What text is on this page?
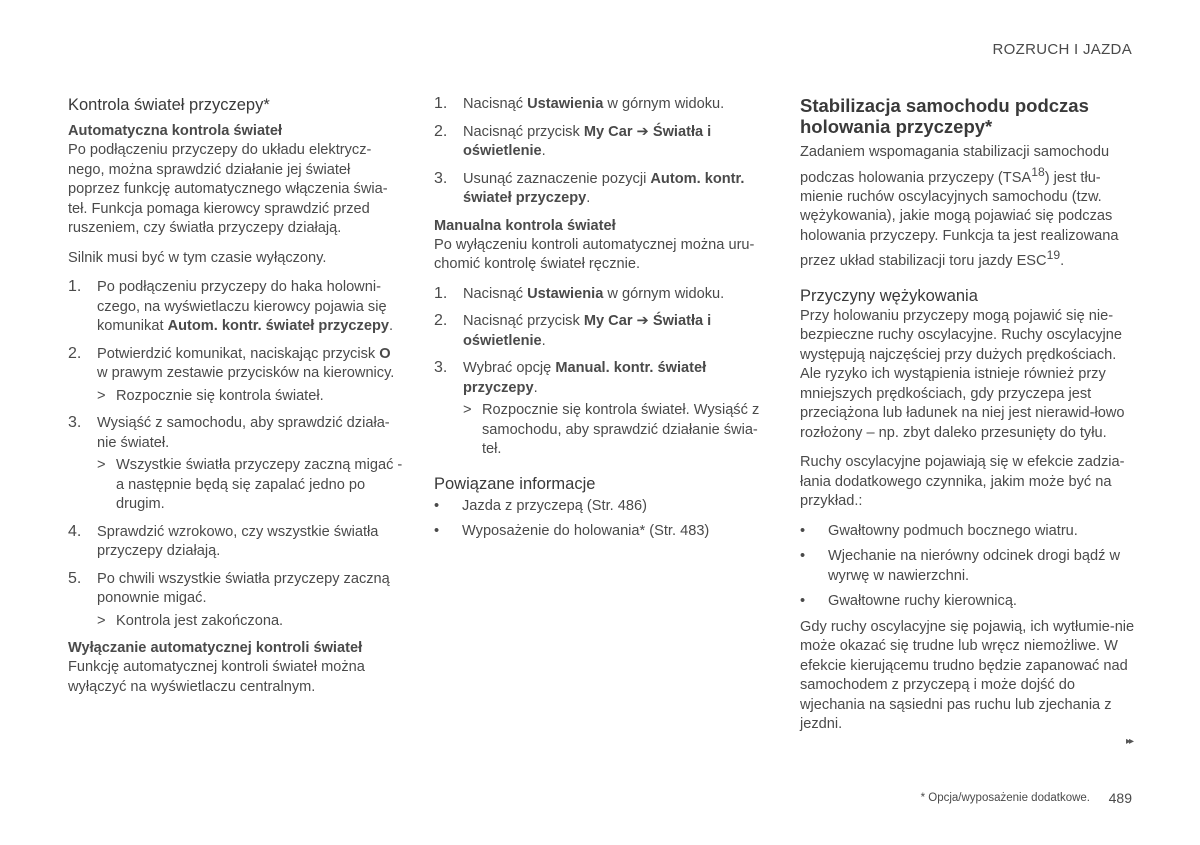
ROZRUCH I JAZDA
Kontrola świateł przyczepy*
Automatyczna kontrola świateł

Po podłączeniu przyczepy do układu elektrycz-nego, można sprawdzić działanie jej świateł poprzez funkcję automatycznego włączenia świa-teł. Funkcja pomaga kierowcy sprawdzić przed ruszeniem, czy światła przyczepy działają.

Silnik musi być w tym czasie wyłączony.

1.	Po podłączeniu przyczepy do haka holowni-czego, na wyświetlaczu kierowcy pojawia się komunikat Autom. kontr. świateł przyczepy.
2.	Potwierdzić komunikat, naciskając przycisk O w prawym zestawie przycisków na kierownicy.
> Rozpocznie się kontrola świateł.
3.	Wysiąść z samochodu, aby sprawdzić działa-nie świateł.
> Wszystkie światła przyczepy zaczną migać - a następnie będą się zapalać jedno po drugim.
4.	Sprawdzić wzrokowo, czy wszystkie światła przyczepy działają.
5.	Po chwili wszystkie światła przyczepy zaczną ponownie migać.
> Kontrola jest zakończona.
Wyłączanie automatycznej kontroli świateł

Funkcję automatycznej kontroli świateł można wyłączyć na wyświetlaczu centralnym.

1.	Nacisnąć Ustawienia w górnym widoku.
2.	Nacisnąć przycisk My Car ➔ Światła i oświetlenie.
3.	Usunąć zaznaczenie pozycji Autom. kontr. świateł przyczepy.
Manualna kontrola świateł

Po wyłączeniu kontroli automatycznej można uru-chomić kontrolę świateł ręcznie.

1.	Nacisnąć Ustawienia w górnym widoku.
2.	Nacisnąć przycisk My Car ➔ Światła i oświetlenie.
3.	Wybrać opcję Manual. kontr. świateł przyczepy.
> Rozpocznie się kontrola świateł. Wysiąść z samochodu, aby sprawdzić działanie świa-teł.
Powiązane informacje
•	Jazda z przyczepą (Str. 486)
•	Wyposażenie do holowania* (Str. 483)
Stabilizacja samochodu podczas holowania przyczepy*

Zadaniem wspomagania stabilizacji samochodu podczas holowania przyczepy (TSA$^{18}$) jest tłu-mienie ruchów oscylacyjnych samochodu (tzw. wężykowania), jakie mogą pojawiać się podczas holowania przyczepy. Funkcja ta jest realizowana przez układ stabilizacji toru jazdy ESC$^{19}$.

Przyczyny wężykowania

Przy holowaniu przyczepy mogą pojawić się nie-bezpieczne ruchy oscylacyjne. Ruchy oscylacyjne występują najczęściej przy dużych prędkościach. Ale ryzyko ich wystąpienia istnieje również przy mniejszych prędkościach, gdy przyczepa jest przeciążona lub ładunek na niej jest nierawid-łowo rozłożony – np. zbyt daleko przesunięty do tyłu.

Ruchy oscylacyjne pojawiają się w efekcie zadzia-łania dodatkowego czynnika, jakim może być na przykład.:

•	Gwałtowny podmuch bocznego wiatru.
•	Wjechanie na nierówny odcinek drogi bądź w wyrwę w nawierzchni.
•	Gwałtowne ruchy kierownicą.

Gdy ruchy oscylacyjne się pojawią, ich wytłumie-nie może okazać się trudne lub wręcz niemożliwe. W efekcie kierującemu trudno będzie zapanować nad samochodem z przyczepą i może dojść do wjechania na sąsiedni pas ruchu lub zjechania z jezdni.

▸▸
* Opcja/wyposażenie dodatkowe. 489
